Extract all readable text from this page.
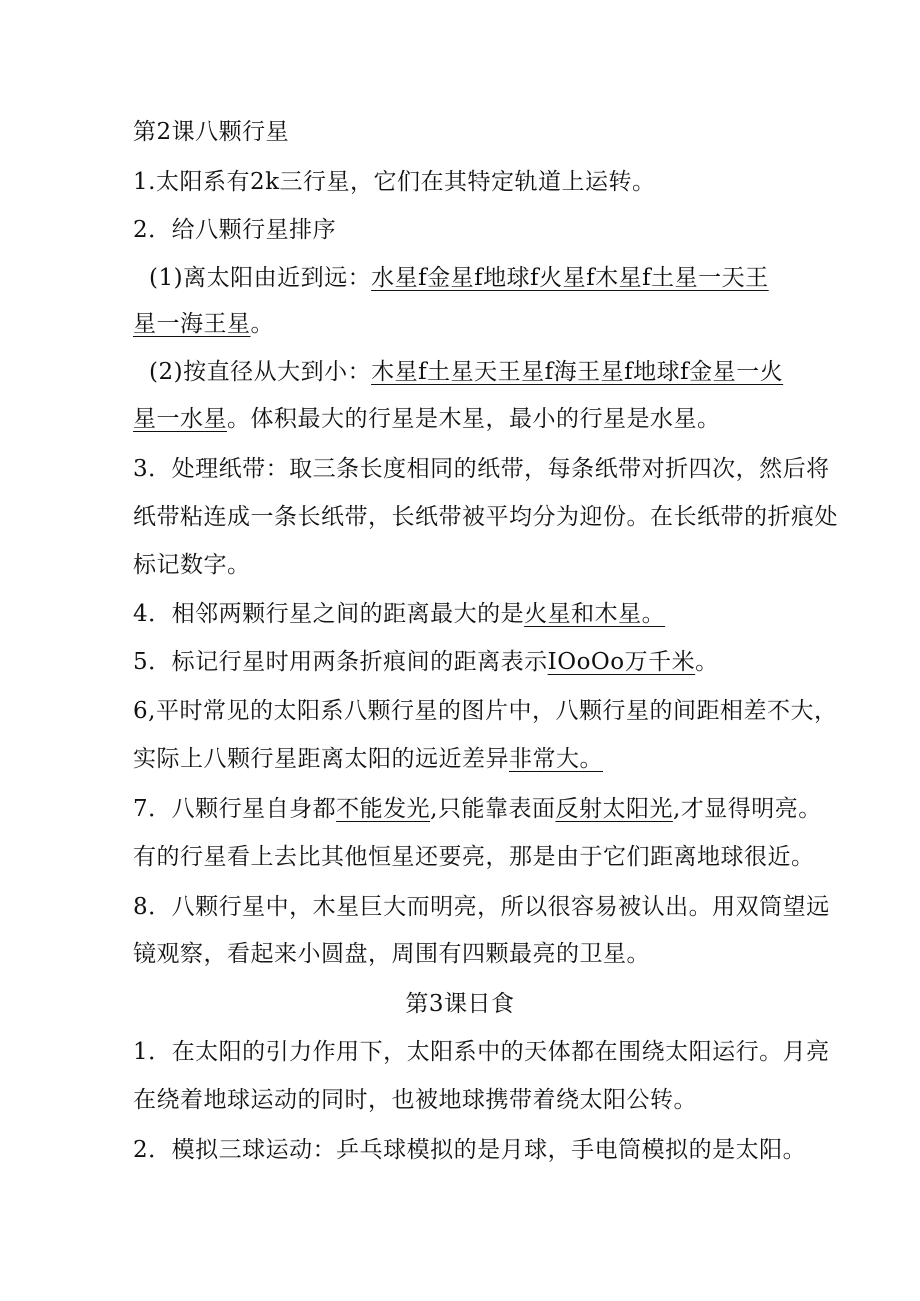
第2课八颗行星
1.太阳系有2k三行星，它们在其特定轨道上运转。
2．给八颗行星排序
(1)离太阳由近到远：水星f金星f地球f火星f木星f土星一天王
星一海王星。
(2)按直径从大到小：木星f土星天王星f海王星f地球f金星一火
星一水星。体积最大的行星是木星，最小的行星是水星。
3．处理纸带：取三条长度相同的纸带，每条纸带对折四次，然后将
纸带粘连成一条长纸带，长纸带被平均分为迎份。在长纸带的折痕处
标记数字。
4．相邻两颗行星之间的距离最大的是火星和木星。
5．标记行星时用两条折痕间的距离表示IOoOo万千米。
6,平时常见的太阳系八颗行星的图片中，八颗行星的间距相差不大，
实际上八颗行星距离太阳的远近差异非常大。
7．八颗行星自身都不能发光,只能靠表面反射太阳光,才显得明亮。
有的行星看上去比其他恒星还要亮，那是由于它们距离地球很近。
8．八颗行星中，木星巨大而明亮，所以很容易被认出。用双筒望远
镜观察，看起来小圆盘，周围有四颗最亮的卫星。
第3课日食
1．在太阳的引力作用下，太阳系中的天体都在围绕太阳运行。月亮
在绕着地球运动的同时，也被地球携带着绕太阳公转。
2．模拟三球运动：乒乓球模拟的是月球，手电筒模拟的是太阳。
